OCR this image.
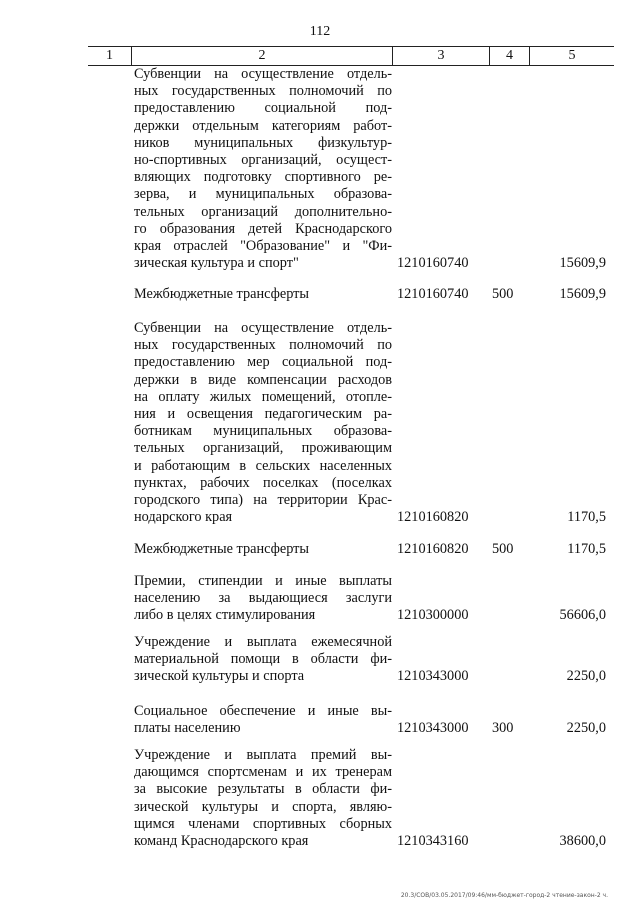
112
1	2	3	4	5
Субвенции на осуществление отдель-
ных государственных полномочий по
предоставлению социальной под-
держки отдельным категориям работ-
ников муниципальных физкультур-
но-спортивных организаций, осущест-
вляющих подготовку спортивного ре-
зерва, и муниципальных образова-
тельных организаций дополнительно-
го образования детей Краснодарского
края отраслей "Образование" и "Фи-
зическая культура и спорт"	1210160740	15609,9
Межбюджетные трансферты	1210160740 500	15609,9
Субвенции на осуществление отдель-
ных государственных полномочий по
предоставлению мер социальной под-
держки в виде компенсации расходов
на оплату жилых помещений, отопле-
ния и освещения педагогическим ра-
ботникам муниципальных образова-
тельных организаций, проживающим
и работающим в сельских населенных
пунктах, рабочих поселках (поселках
городского типа) на территории Крас-
нодарского края	1210160820	1170,5
Межбюджетные трансферты	1210160820 500	1170,5
Премии, стипендии и иные выплаты
населению за выдающиеся заслуги
либо в целях стимулирования	1210300000	56606,0
Учреждение и выплата ежемесячной
материальной помощи в области фи-
зической культуры и спорта	1210343000	2250,0
Социальное обеспечение и иные вы-
платы населению	1210343000 300	2250,0
Учреждение и выплата премий вы-
дающимся спортсменам и их тренерам
за высокие результаты в области фи-
зической культуры и спорта, являю-
щимся членами спортивных сборных
команд Краснодарского края	1210343160	38600,0
20.3/СОВ/03.05.2017/09:46/мм-бюджет-город-2 чтение-закон-2 ч.
